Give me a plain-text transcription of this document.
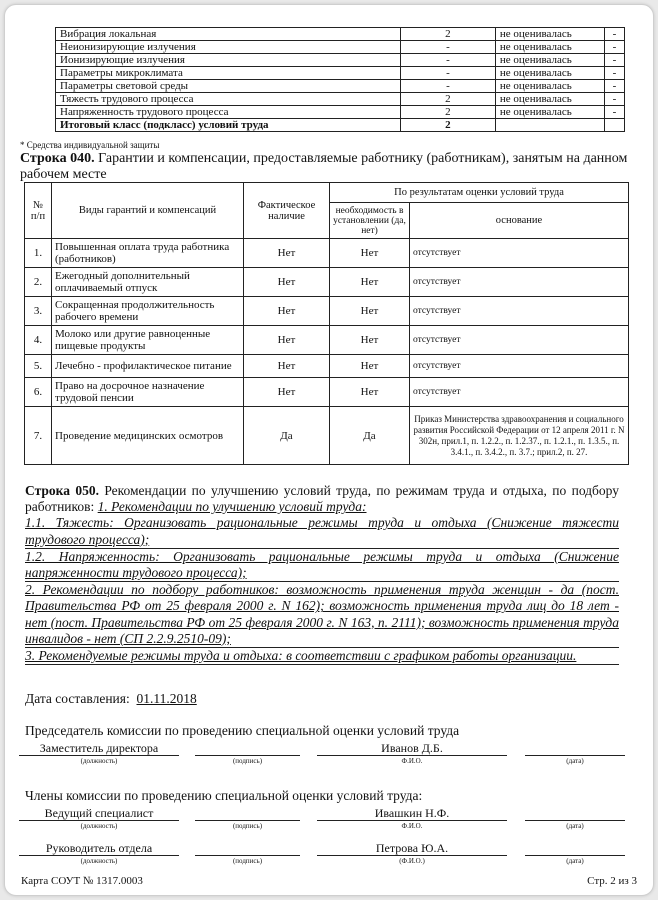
Вибрация локальная	2	не оценивалась	-
Неионизирующие излучения	-	не оценивалась	-
Ионизирующие излучения	-	не оценивалась	-
Параметры микроклимата	-	не оценивалась	-
Параметры световой среды	-	не оценивалась	-
Тяжесть трудового процесса	2	не оценивалась	-
Напряженность трудового процесса	2	не оценивалась	-
Итоговый класс (подкласс) условий труда	2		
* Средства индивидуальной защиты
Строка 040. Гарантии и компенсации, предоставляемые работнику (работникам), занятым на данном рабочем месте
№ п/п	Виды гарантий и компенсаций	Фактическое наличие	По результатам оценки условий труда	
			необходимость в установлении (да, нет)	основание
1.	Повышенная оплата труда работника (работников)	Нет	Нет	отсутствует
2.	Ежегодный дополнительный оплачиваемый отпуск	Нет	Нет	отсутствует
3.	Сокращенная продолжительность рабочего времени	Нет	Нет	отсутствует
4.	Молоко или другие равноценные пищевые продукты	Нет	Нет	отсутствует
5.	Лечебно - профилактическое питание	Нет	Нет	отсутствует
6.	Право на досрочное назначение трудовой пенсии	Нет	Нет	отсутствует
7.	Проведение медицинских осмотров	Да	Да	Приказ Министерства здравоохранения и социального развития Российской Федерации от 12 апреля 2011 г. N 302н, прил.1, п. 1.2.2., п. 1.2.37., п. 1.2.1., п. 1.3.5., п. 3.4.1., п. 3.4.2., п. 3.7.; прил.2, п. 27.

Строка 050. Рекомендации по улучшению условий труда, по режимам труда и отдыха, по подбору работников: 1. Рекомендации по улучшению условий труда:

1.1. Тяжесть: Организовать рациональные режимы труда и отдыха (Снижение тяжести трудового процесса);

1.2. Напряженность: Организовать рациональные режимы труда и отдыха (Снижение напряженности трудового процесса);

2. Рекомендации по подбору работников: возможность применения труда женщин - да (пост. Правительства РФ от 25 февраля 2000 г. N 162); возможность применения труда лиц до 18 лет - нет (пост. Правительства РФ от 25 февраля 2000 г. N 163, п. 2111); возможность применения труда инвалидов - нет (СП 2.2.9.2510-09);

3. Рекомендуемые режимы труда и отдыха: в соответствии с графиком работы организации.

Дата составления: 01.11.2018
Председатель комиссии по проведению специальной оценки условий труда
Заместитель директора	Иванов Д.Б.
(должность)	(подпись)	Ф.И.О.	(дата)
Члены комиссии по проведению специальной оценки условий труда:
Ведущий специалист	Ивашкин Н.Ф.
(должность)	(подпись)	Ф.И.О.	(дата)
Руководитель отдела	Петрова Ю.А.
(должность)	(подпись)	(Ф.И.О.)	(дата)
Карта СОУТ № 1317.0003	Стр. 2 из 3
